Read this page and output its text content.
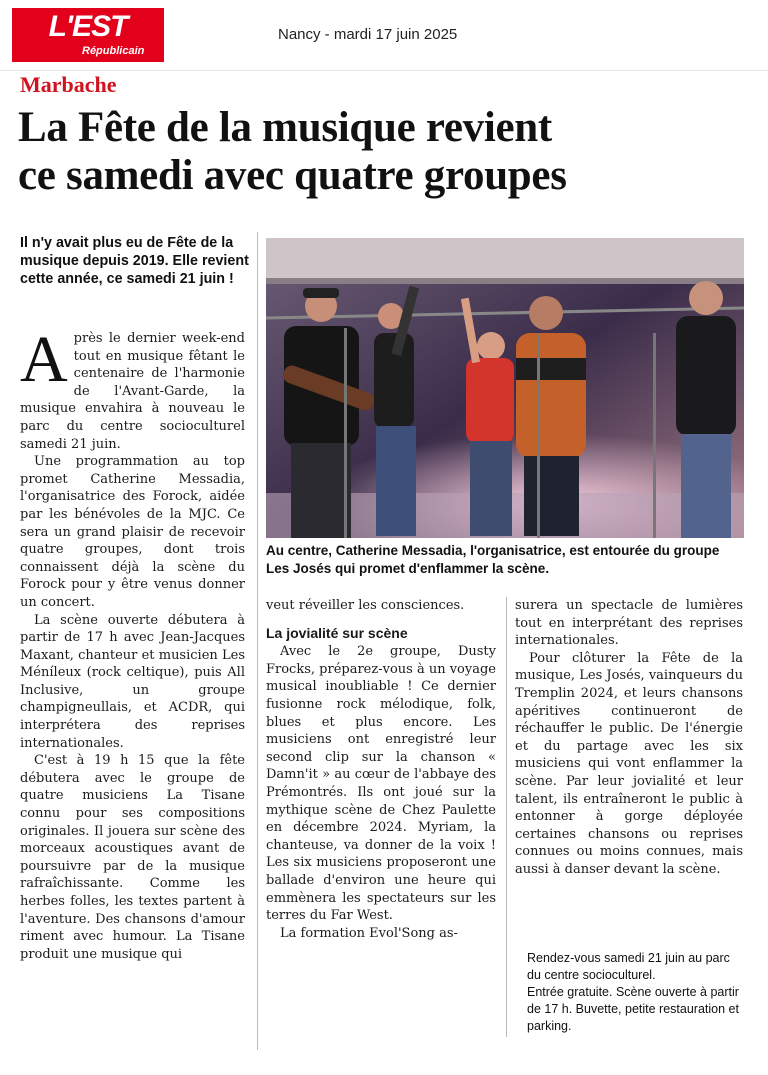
L'EST
Républicain
Nancy - mardi 17 juin 2025
Marbache
La Fête de la musique revient
ce samedi avec quatre groupes
Il n'y avait plus eu de Fête de la musique depuis 2019. Elle revient cette année, ce samedi 21 juin !

Après le dernier week-end tout en musique fêtant le centenaire de l'harmonie de l'Avant-Garde, la musique envahira à nouveau le parc du centre socioculturel samedi 21 juin.

Une programmation au top promet Catherine Messadia, l'organisatrice des Forock, aidée par les bénévoles de la MJC. Ce sera un grand plaisir de recevoir quatre groupes, dont trois connaissent déjà la scène du Forock pour y être venus donner un concert.

La scène ouverte débutera à partir de 17 h avec Jean-Jacques Maxant, chanteur et musicien Les Méníleux (rock celtique), puis All Inclusive, un groupe champigneullais, et ACDR, qui interprétera des reprises internationales.

C'est à 19 h 15 que la fête débutera avec le groupe de quatre musiciens La Tisane connu pour ses compositions originales. Il jouera sur scène des morceaux acoustiques avant de poursuivre par de la musique rafraîchissante. Comme les herbes folles, les textes partent à l'aventure. Des chansons d'amour riment avec humour. La Tisane produit une musique qui

Au centre, Catherine Messadia, l'organisatrice, est entourée du groupe Les Josés qui promet d'enflammer la scène.

veut réveiller les consciences.

La jovialité sur scène

Avec le 2e groupe, Dusty Frocks, préparez-vous à un voyage musical inoubliable ! Ce dernier fusionne rock mélodique, folk, blues et plus encore. Les musiciens ont enregistré leur second clip sur la chanson « Damn'it » au cœur de l'abbaye des Prémontrés. Ils ont joué sur la mythique scène de Chez Paulette en décembre 2024. Myriam, la chanteuse, va donner de la voix ! Les six musiciens proposeront une ballade d'environ une heure qui emmènera les spectateurs sur les terres du Far West.

La formation Evol'Song as-

surera un spectacle de lumières tout en interprétant des reprises internationales.

Pour clôturer la Fête de la musique, Les Josés, vainqueurs du Tremplin 2024, et leurs chansons apéritives continueront de réchauffer le public. De l'énergie et du partage avec les six musiciens qui vont enflammer la scène. Par leur jovialité et leur talent, ils entraîneront le public à entonner à gorge déployée certaines chansons ou reprises connues ou moins connues, mais aussi à danser devant la scène.

Rendez-vous samedi 21 juin au parc du centre socioculturel.

Entrée gratuite. Scène ouverte à partir de 17 h. Buvette, petite restauration et parking.
